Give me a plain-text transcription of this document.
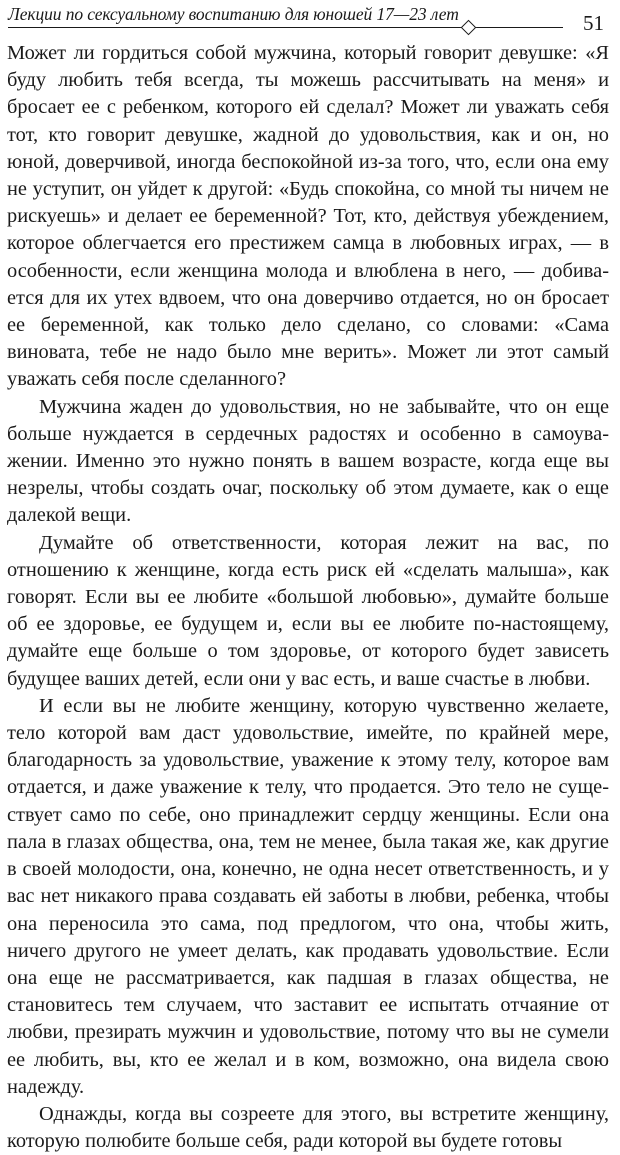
Лекции по сексуальному воспитанию для юношей 17—23 лет	51

Может ли гордиться собой мужчина, который говорит девушке: «Я буду любить тебя всегда, ты можешь рассчитывать на меня» и бросает ее с ребенком, которого ей сделал? Может ли уважать себя тот, кто говорит девушке, жадной до удовольствия, как и он, но юной, доверчивой, иногда беспокойной из-за того, что, если она ему не уступит, он уйдет к другой: «Будь спокойна, со мной ты ничем не рискуешь» и делает ее беременной? Тот, кто, действуя убеждением, которое облегчается его престижем самца в любовных играх, — в особенности, если женщина молода и влюблена в него, — добивается для их утех вдвоем, что она доверчиво отдается, но он бросает ее беременной, как только дело сделано, со словами: «Сама виновата, тебе не надо было мне верить». Может ли этот самый уважать себя после сделанного?

Мужчина жаден до удовольствия, но не забывайте, что он еще больше нуждается в сердечных радостях и особенно в самоуважении. Именно это нужно понять в вашем возрасте, когда еще вы незрелы, чтобы создать очаг, поскольку об этом думаете, как о еще далекой вещи.

Думайте об ответственности, которая лежит на вас, по отношению к женщине, когда есть риск ей «сделать малыша», как говорят. Если вы ее любите «большой любовью», думайте больше об ее здоровье, ее будущем и, если вы ее любите по-настоящему, думайте еще больше о том здоровье, от которого будет зависеть будущее ваших детей, если они у вас есть, и ваше счастье в любви.

И если вы не любите женщину, которую чувственно желаете, тело которой вам даст удовольствие, имейте, по крайней мере, благодарность за удовольствие, уважение к этому телу, которое вам отдается, и даже уважение к телу, что продается. Это тело не существует само по себе, оно принадлежит сердцу женщины. Если она пала в глазах общества, она, тем не менее, была такая же, как другие в своей молодости, она, конечно, не одна несет ответственность, и у вас нет никакого права создавать ей заботы в любви, ребенка, чтобы она переносила это сама, под предлогом, что она, чтобы жить, ничего другого не умеет делать, как продавать удовольствие. Если она еще не рассматривается, как падшая в глазах общества, не становитесь тем случаем, что заставит ее испытать отчаяние от любви, презирать мужчин и удовольствие, потому что вы не сумели ее любить, вы, кто ее желал и в ком, возможно, она видела свою надежду.

Однажды, когда вы созреете для этого, вы встретите женщину, которую полюбите больше себя, ради которой вы будете готовы
